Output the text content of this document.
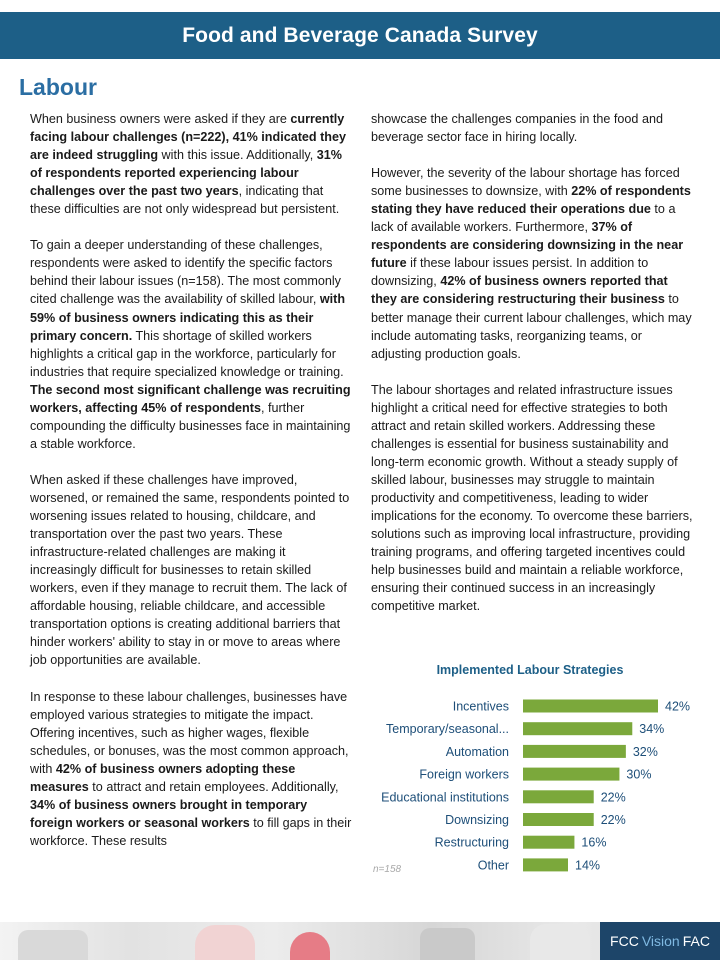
Food and Beverage Canada Survey
Labour

When business owners were asked if they are currently facing labour challenges (n=222), 41% indicated they are indeed struggling with this issue. Additionally, 31% of respondents reported experiencing labour challenges over the past two years, indicating that these difficulties are not only widespread but persistent.

To gain a deeper understanding of these challenges, respondents were asked to identify the specific factors behind their labour issues (n=158). The most commonly cited challenge was the availability of skilled labour, with 59% of business owners indicating this as their primary concern. This shortage of skilled workers highlights a critical gap in the workforce, particularly for industries that require specialized knowledge or training. The second most significant challenge was recruiting workers, affecting 45% of respondents, further compounding the difficulty businesses face in maintaining a stable workforce.

When asked if these challenges have improved, worsened, or remained the same, respondents pointed to worsening issues related to housing, childcare, and transportation over the past two years. These infrastructure-related challenges are making it increasingly difficult for businesses to retain skilled workers, even if they manage to recruit them. The lack of affordable housing, reliable childcare, and accessible transportation options is creating additional barriers that hinder workers' ability to stay in or move to areas where job opportunities are available.

In response to these labour challenges, businesses have employed various strategies to mitigate the impact. Offering incentives, such as higher wages, flexible schedules, or bonuses, was the most common approach, with 42% of business owners adopting these measures to attract and retain employees. Additionally, 34% of business owners brought in temporary foreign workers or seasonal workers to fill gaps in their workforce. These results

showcase the challenges companies in the food and beverage sector face in hiring locally.

However, the severity of the labour shortage has forced some businesses to downsize, with 22% of respondents stating they have reduced their operations due to a lack of available workers. Furthermore, 37% of respondents are considering downsizing in the near future if these labour issues persist. In addition to downsizing, 42% of business owners reported that they are considering restructuring their business to better manage their current labour challenges, which may include automating tasks, reorganizing teams, or adjusting production goals.

The labour shortages and related infrastructure issues highlight a critical need for effective strategies to both attract and retain skilled workers. Addressing these challenges is essential for business sustainability and long-term economic growth. Without a steady supply of skilled labour, businesses may struggle to maintain productivity and competitiveness, leading to wider implications for the economy. To overcome these barriers, solutions such as improving local infrastructure, providing training programs, and offering targeted incentives could help businesses build and maintain a reliable workforce, ensuring their continued success in an increasingly competitive market.

Implemented Labour Strategies
Incentives	42%
Temporary/seasonal...	34%
Automation	32%
Foreign workers	30%
Educational institutions	22%
Downsizing	22%
Restructuring	16%
Other	14%
n=158
FCC Vision FAC
